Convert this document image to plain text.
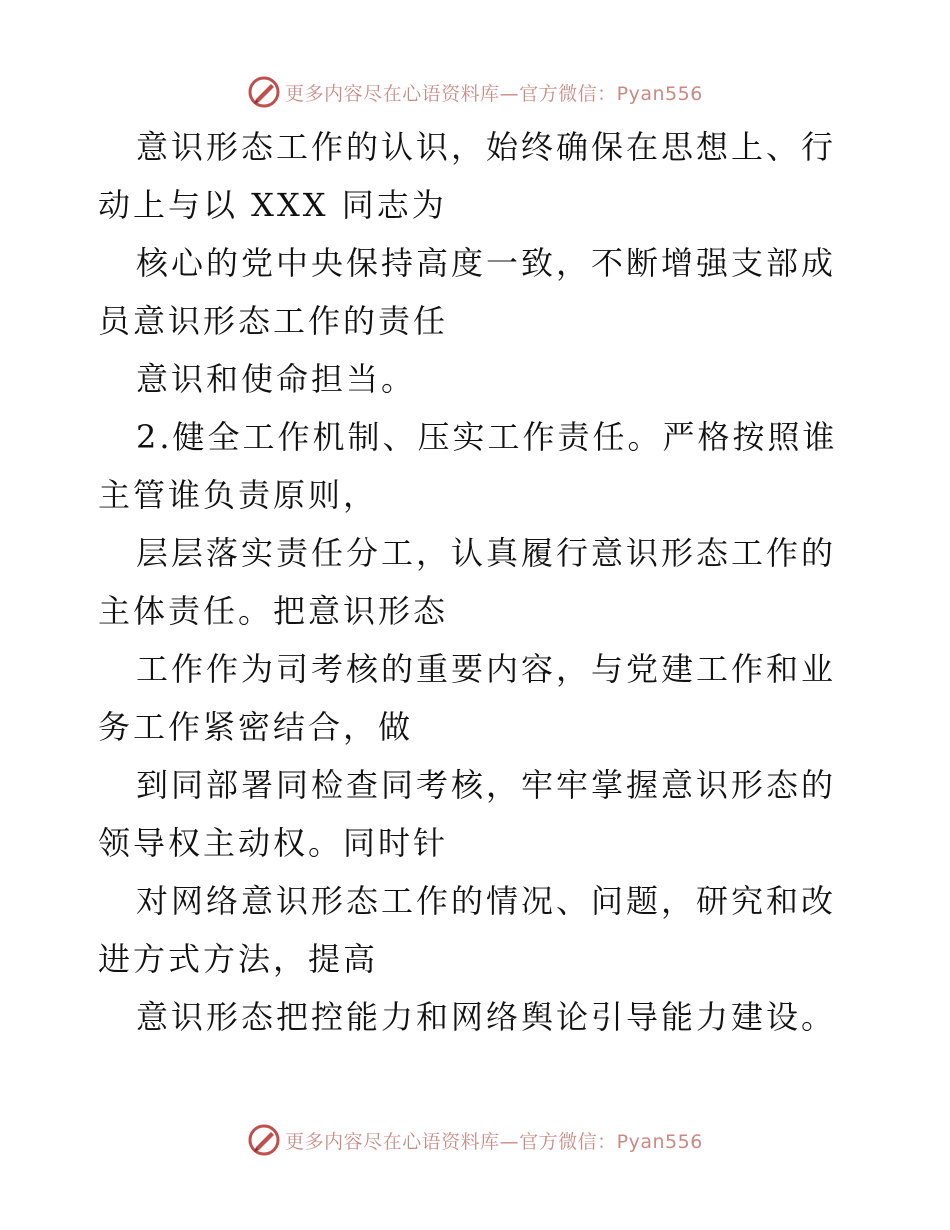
更多内容尽在心语资料库—官方微信：Pyan556
意识形态工作的认识，始终确保在思想上、行动上与以 XXX 同志为
核心的党中央保持高度一致，不断增强支部成员意识形态工作的责任
意识和使命担当。
2.健全工作机制、压实工作责任。严格按照谁主管谁负责原则，
层层落实责任分工，认真履行意识形态工作的主体责任。把意识形态
工作作为司考核的重要内容，与党建工作和业务工作紧密结合，做
到同部署同检查同考核，牢牢掌握意识形态的领导权主动权。同时针
对网络意识形态工作的情况、问题，研究和改进方式方法，提高
意识形态把控能力和网络舆论引导能力建设。
更多内容尽在心语资料库—官方微信：Pyan556
